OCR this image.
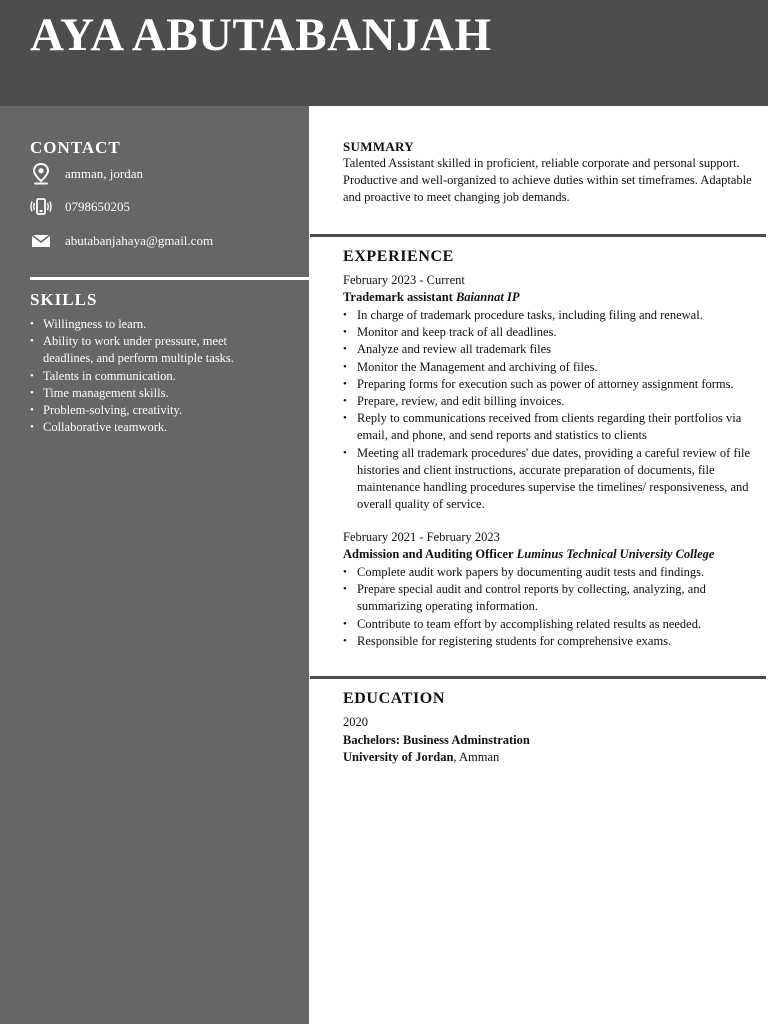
AYA ABUTABANJAH
CONTACT
amman, jordan
0798650205
abutabanjahaya@gmail.com
SKILLS
• Willingness to learn.
• Ability to work under pressure, meet deadlines, and perform multiple tasks.
• Talents in communication.
• Time management skills.
• Problem-solving, creativity.
• Collaborative teamwork.
SUMMARY
Talented Assistant skilled in proficient, reliable corporate and personal support. Productive and well-organized to achieve duties within set timeframes. Adaptable and proactive to meet changing job demands.
EXPERIENCE
February 2023 - Current
Trademark assistant Baiannat IP
• In charge of trademark procedure tasks, including filing and renewal.
• Monitor and keep track of all deadlines.
• Analyze and review all trademark files
• Monitor the Management and archiving of files.
• Preparing forms for execution such as power of attorney assignment forms.
• Prepare, review, and edit billing invoices.
• Reply to communications received from clients regarding their portfolios via email, and phone, and send reports and statistics to clients
• Meeting all trademark procedures' due dates, providing a careful review of file histories and client instructions, accurate preparation of documents, file maintenance handling procedures supervise the timelines/ responsiveness, and overall quality of service.
February 2021 - February 2023
Admission and Auditing Officer Luminus Technical University College
• Complete audit work papers by documenting audit tests and findings.
• Prepare special audit and control reports by collecting, analyzing, and summarizing operating information.
• Contribute to team effort by accomplishing related results as needed.
• Responsible for registering students for comprehensive exams.
EDUCATION
2020
Bachelors: Business Adminstration
University of Jordan, Amman
